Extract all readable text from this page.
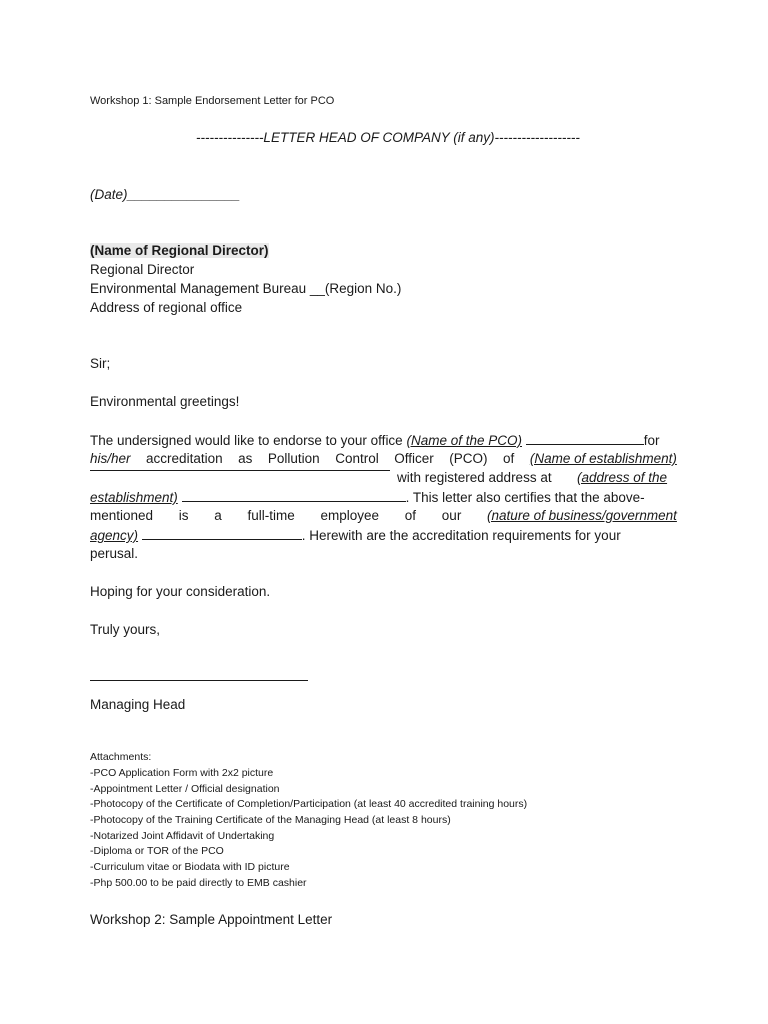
Workshop 1: Sample Endorsement Letter for PCO
---------------LETTER HEAD OF COMPANY (if any)-------------------
(Date)_______________
(Name of Regional Director)
Regional Director
Environmental Management Bureau __(Region No.)
Address of regional office
Sir;
Environmental greetings!
The undersigned would like to endorse to your office (Name of the PCO)	for
his/her accreditation as Pollution Control Officer (PCO) of (Name of establishment)
with registered address at (address of the
establishment)	. This letter also certifies that the above-
mentioned is a full-time employee of our (nature of business/government
agency)	. Herewith are the accreditation requirements for your
perusal.
Hoping for your consideration.
Truly yours,
Managing Head
Attachments:
-PCO Application Form with 2x2 picture
-Appointment Letter / Official designation
-Photocopy of the Certificate of Completion/Participation (at least 40 accredited training hours)
-Photocopy of the Training Certificate of the Managing Head (at least 8 hours)
-Notarized Joint Affidavit of Undertaking
-Diploma or TOR of the PCO
-Curriculum vitae or Biodata with ID picture
-Php 500.00 to be paid directly to EMB cashier
Workshop 2: Sample Appointment Letter
